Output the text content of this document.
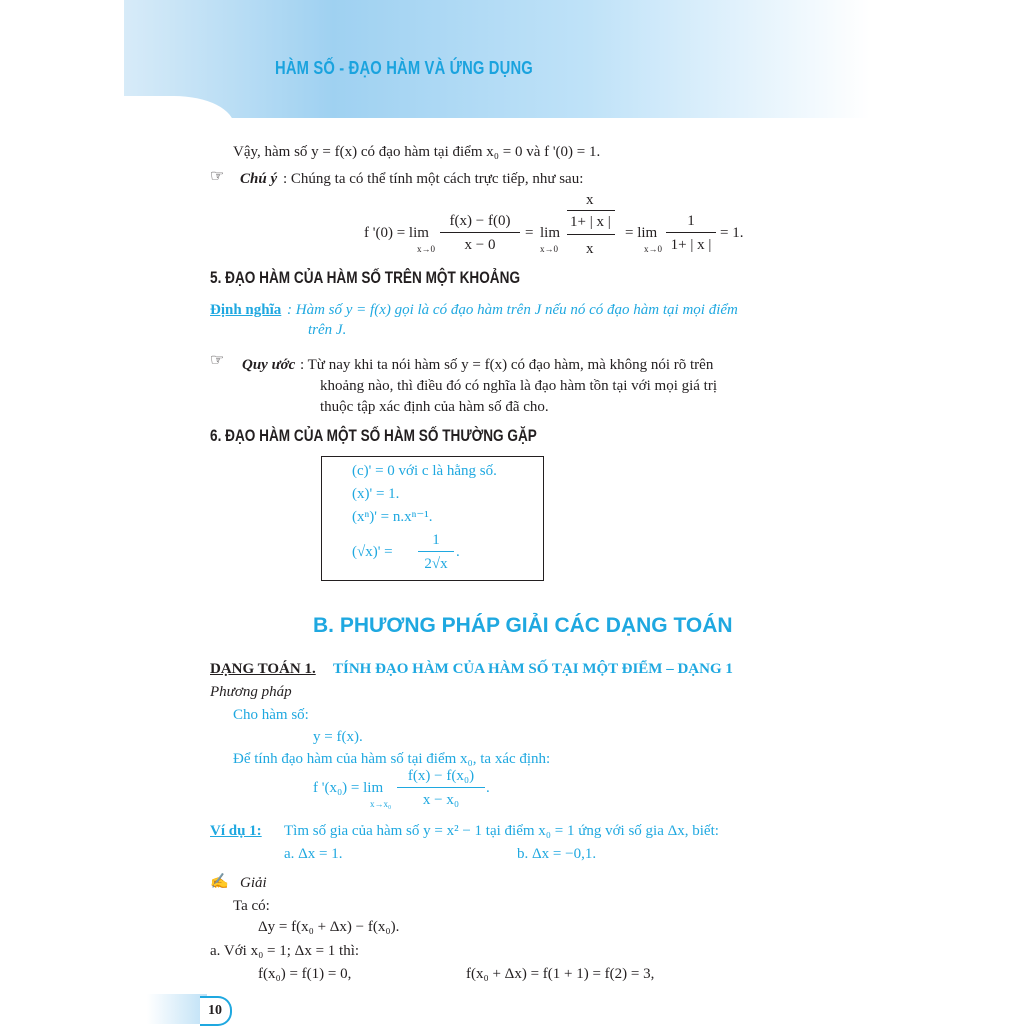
HÀM SỐ - ĐẠO HÀM VÀ ỨNG DỤNG
Vậy, hàm số y = f(x) có đạo hàm tại điểm x₀ = 0 và f '(0) = 1.
☞ Chú ý : Chúng ta có thể tính một cách trực tiếp, như sau:
f '(0) = lim
$x\to 0 \frac{f(x) - f(0)}{x - 0} = \lim$
x→0
x
1+ | x |
x
= lim
$x\to 0 \frac{1}{1+ | x |} = 1$.
5. ĐẠO HÀM CỦA HÀM SỐ TRÊN MỘT KHOẢNG
Định nghĩa : Hàm số y = f(x) gọi là có đạo hàm trên J nếu nó có đạo hàm tại mọi điểm
trên J.
☞ Quy ước : Từ nay khi ta nói hàm số y = f(x) có đạo hàm, mà không nói rõ trên
khoảng nào, thì điều đó có nghĩa là đạo hàm tồn tại với mọi giá trị
thuộc tập xác định của hàm số đã cho.
6. ĐẠO HÀM CỦA MỘT SỐ HÀM SỐ THƯỜNG GẶP
(c)' = 0 với c là hằng số.
(x)' = 1.
(xⁿ)' = n.xⁿ⁻¹.
$(√x)' = \frac{1}{2√x}$ .
B. PHƯƠNG PHÁP GIẢI CÁC DẠNG TOÁN
DẠNG TOÁN 1. TÍNH ĐẠO HÀM CỦA HÀM SỐ TẠI MỘT ĐIỂM – DẠNG 1
Phương pháp
Cho hàm số:
y = f(x).
Để tính đạo hàm của hàm số tại điểm x₀, ta xác định:
f '(x₀) = lim
$x\to x_0 \frac{\text{f(x) − f(x₀)}}{\text{x − x₀}}$ .
Ví dụ 1: Tìm số gia của hàm số y = x² − 1 tại điểm x₀ = 1 ứng với số gia Δx, biết:
a. Δx = 1.	b. Δx = −0,1.
✍ Giải
Ta có:
Δy = f(x₀ + Δx) − f(x₀).
a. Với x₀ = 1; Δx = 1 thì:
f(x₀) = f(1) = 0,	f(x₀ + Δx) = f(1 + 1) = f(2) = 3,
10
